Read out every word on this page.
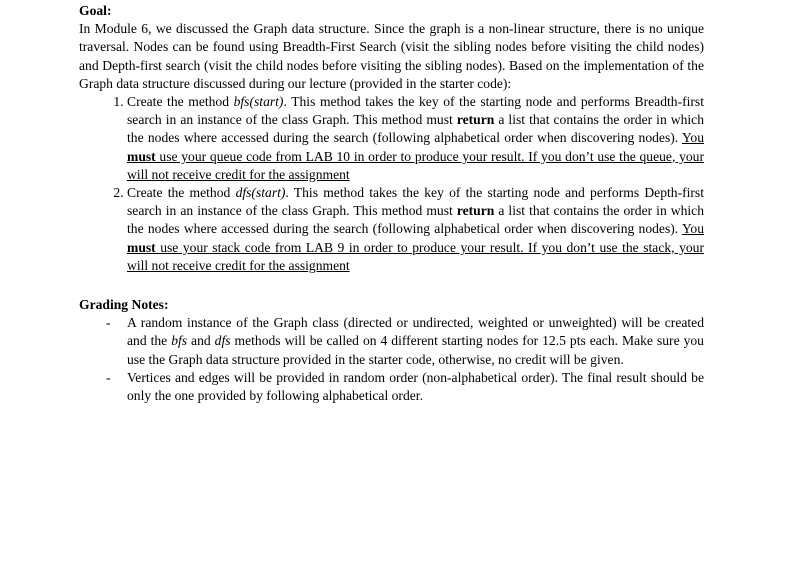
Goal:

In Module 6, we discussed the Graph data structure. Since the graph is a non-linear structure, there is no unique traversal. Nodes can be found using Breadth-First Search (visit the sibling nodes before visiting the child nodes) and Depth-first search (visit the child nodes before visiting the sibling nodes). Based on the implementation of the Graph data structure discussed during our lecture (provided in the starter code):

1. Create the method bfs(start). This method takes the key of the starting node and performs Breadth-first search in an instance of the class Graph. This method must return a list that contains the order in which the nodes where accessed during the search (following alphabetical order when discovering nodes). You must use your queue code from LAB 10 in order to produce your result. If you don’t use the queue, your will not receive credit for the assignment
2. Create the method dfs(start). This method takes the key of the starting node and performs Depth-first search in an instance of the class Graph. This method must return a list that contains the order in which the nodes where accessed during the search (following alphabetical order when discovering nodes). You must use your stack code from LAB 9 in order to produce your result. If you don’t use the stack, your will not receive credit for the assignment
Grading Notes:
- A random instance of the Graph class (directed or undirected, weighted or unweighted) will be created and the bfs and dfs methods will be called on 4 different starting nodes for 12.5 pts each. Make sure you use the Graph data structure provided in the starter code, otherwise, no credit will be given.
- Vertices and edges will be provided in random order (non-alphabetical order). The final result should be only the one provided by following alphabetical order.
